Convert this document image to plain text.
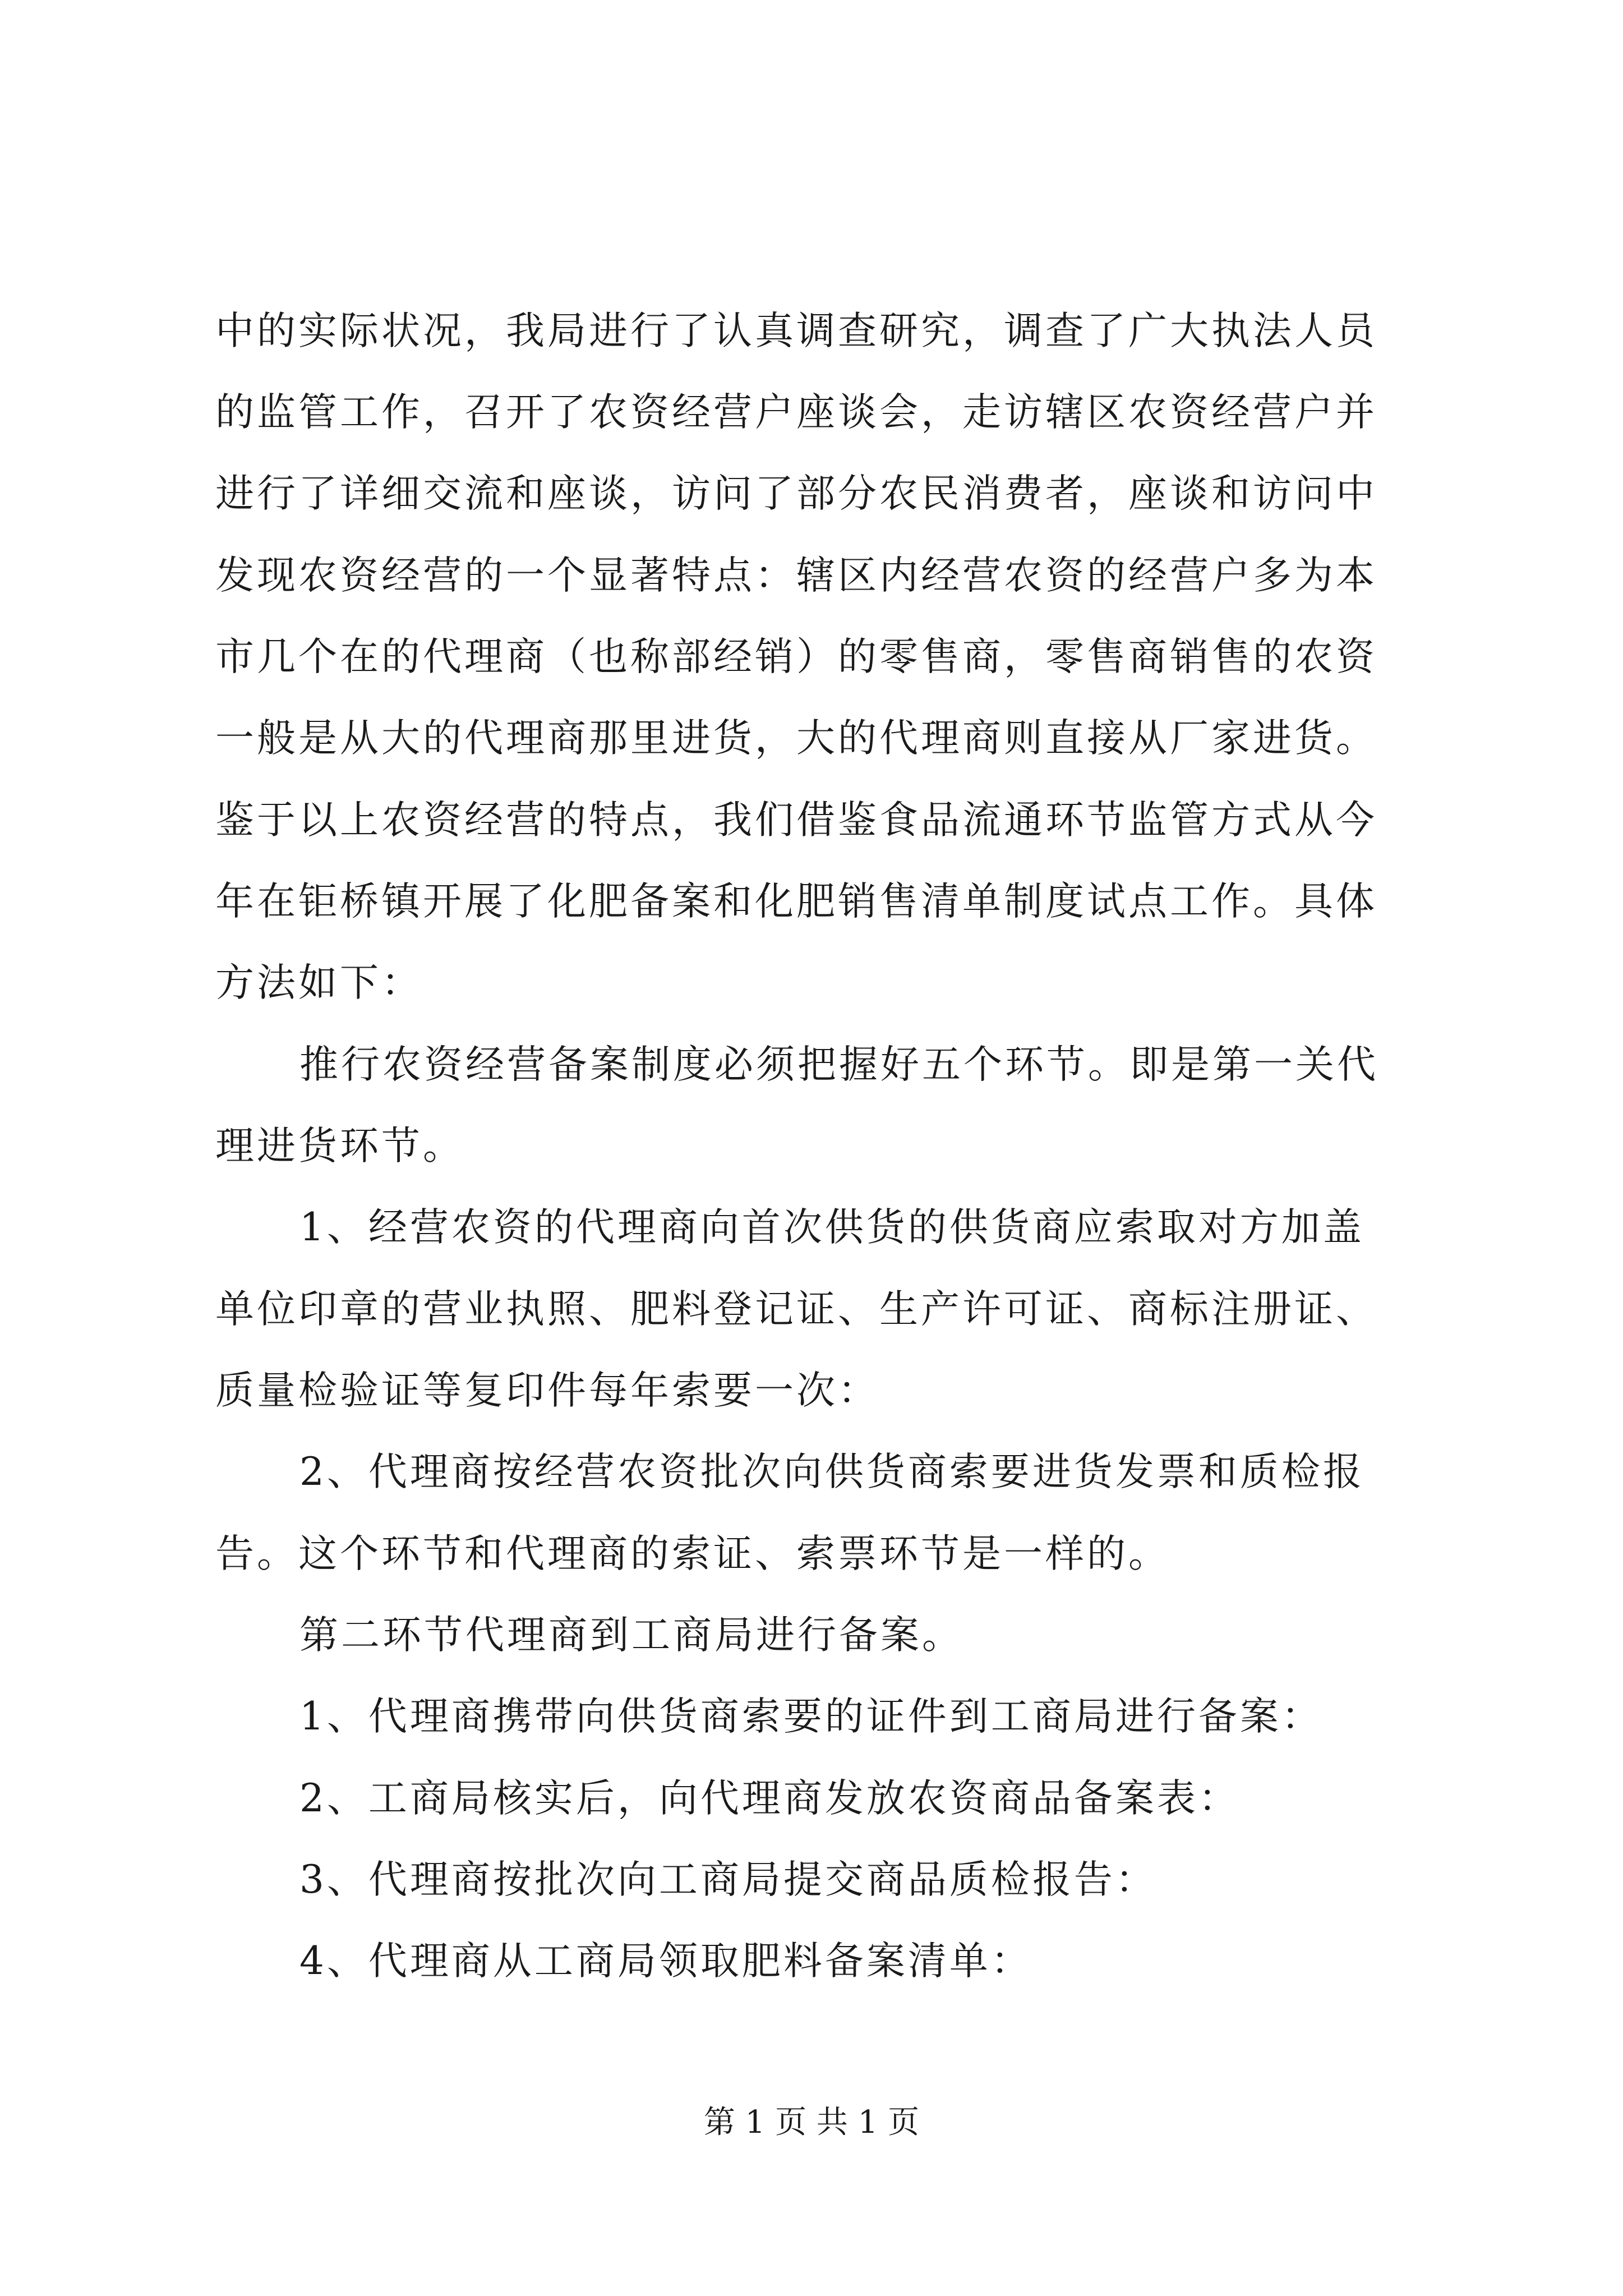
中的实际状况，我局进行了认真调查研究，调查了广大执法人员
的监管工作，召开了农资经营户座谈会，走访辖区农资经营户并
进行了详细交流和座谈，访问了部分农民消费者，座谈和访问中
发现农资经营的一个显著特点：辖区内经营农资的经营户多为本
市几个在的代理商（也称部经销）的零售商，零售商销售的农资
一般是从大的代理商那里进货，大的代理商则直接从厂家进货。
鉴于以上农资经营的特点，我们借鉴食品流通环节监管方式从今
年在钜桥镇开展了化肥备案和化肥销售清单制度试点工作。具体
方法如下：
推行农资经营备案制度必须把握好五个环节。即是第一关代
理进货环节。
1、经营农资的代理商向首次供货的供货商应索取对方加盖
单位印章的营业执照、肥料登记证、生产许可证、商标注册证、
质量检验证等复印件每年索要一次：
2、代理商按经营农资批次向供货商索要进货发票和质检报
告。这个环节和代理商的索证、索票环节是一样的。
第二环节代理商到工商局进行备案。
1、代理商携带向供货商索要的证件到工商局进行备案：
2、工商局核实后，向代理商发放农资商品备案表：
3、代理商按批次向工商局提交商品质检报告：
4、代理商从工商局领取肥料备案清单：
第 1 页 共 1 页
